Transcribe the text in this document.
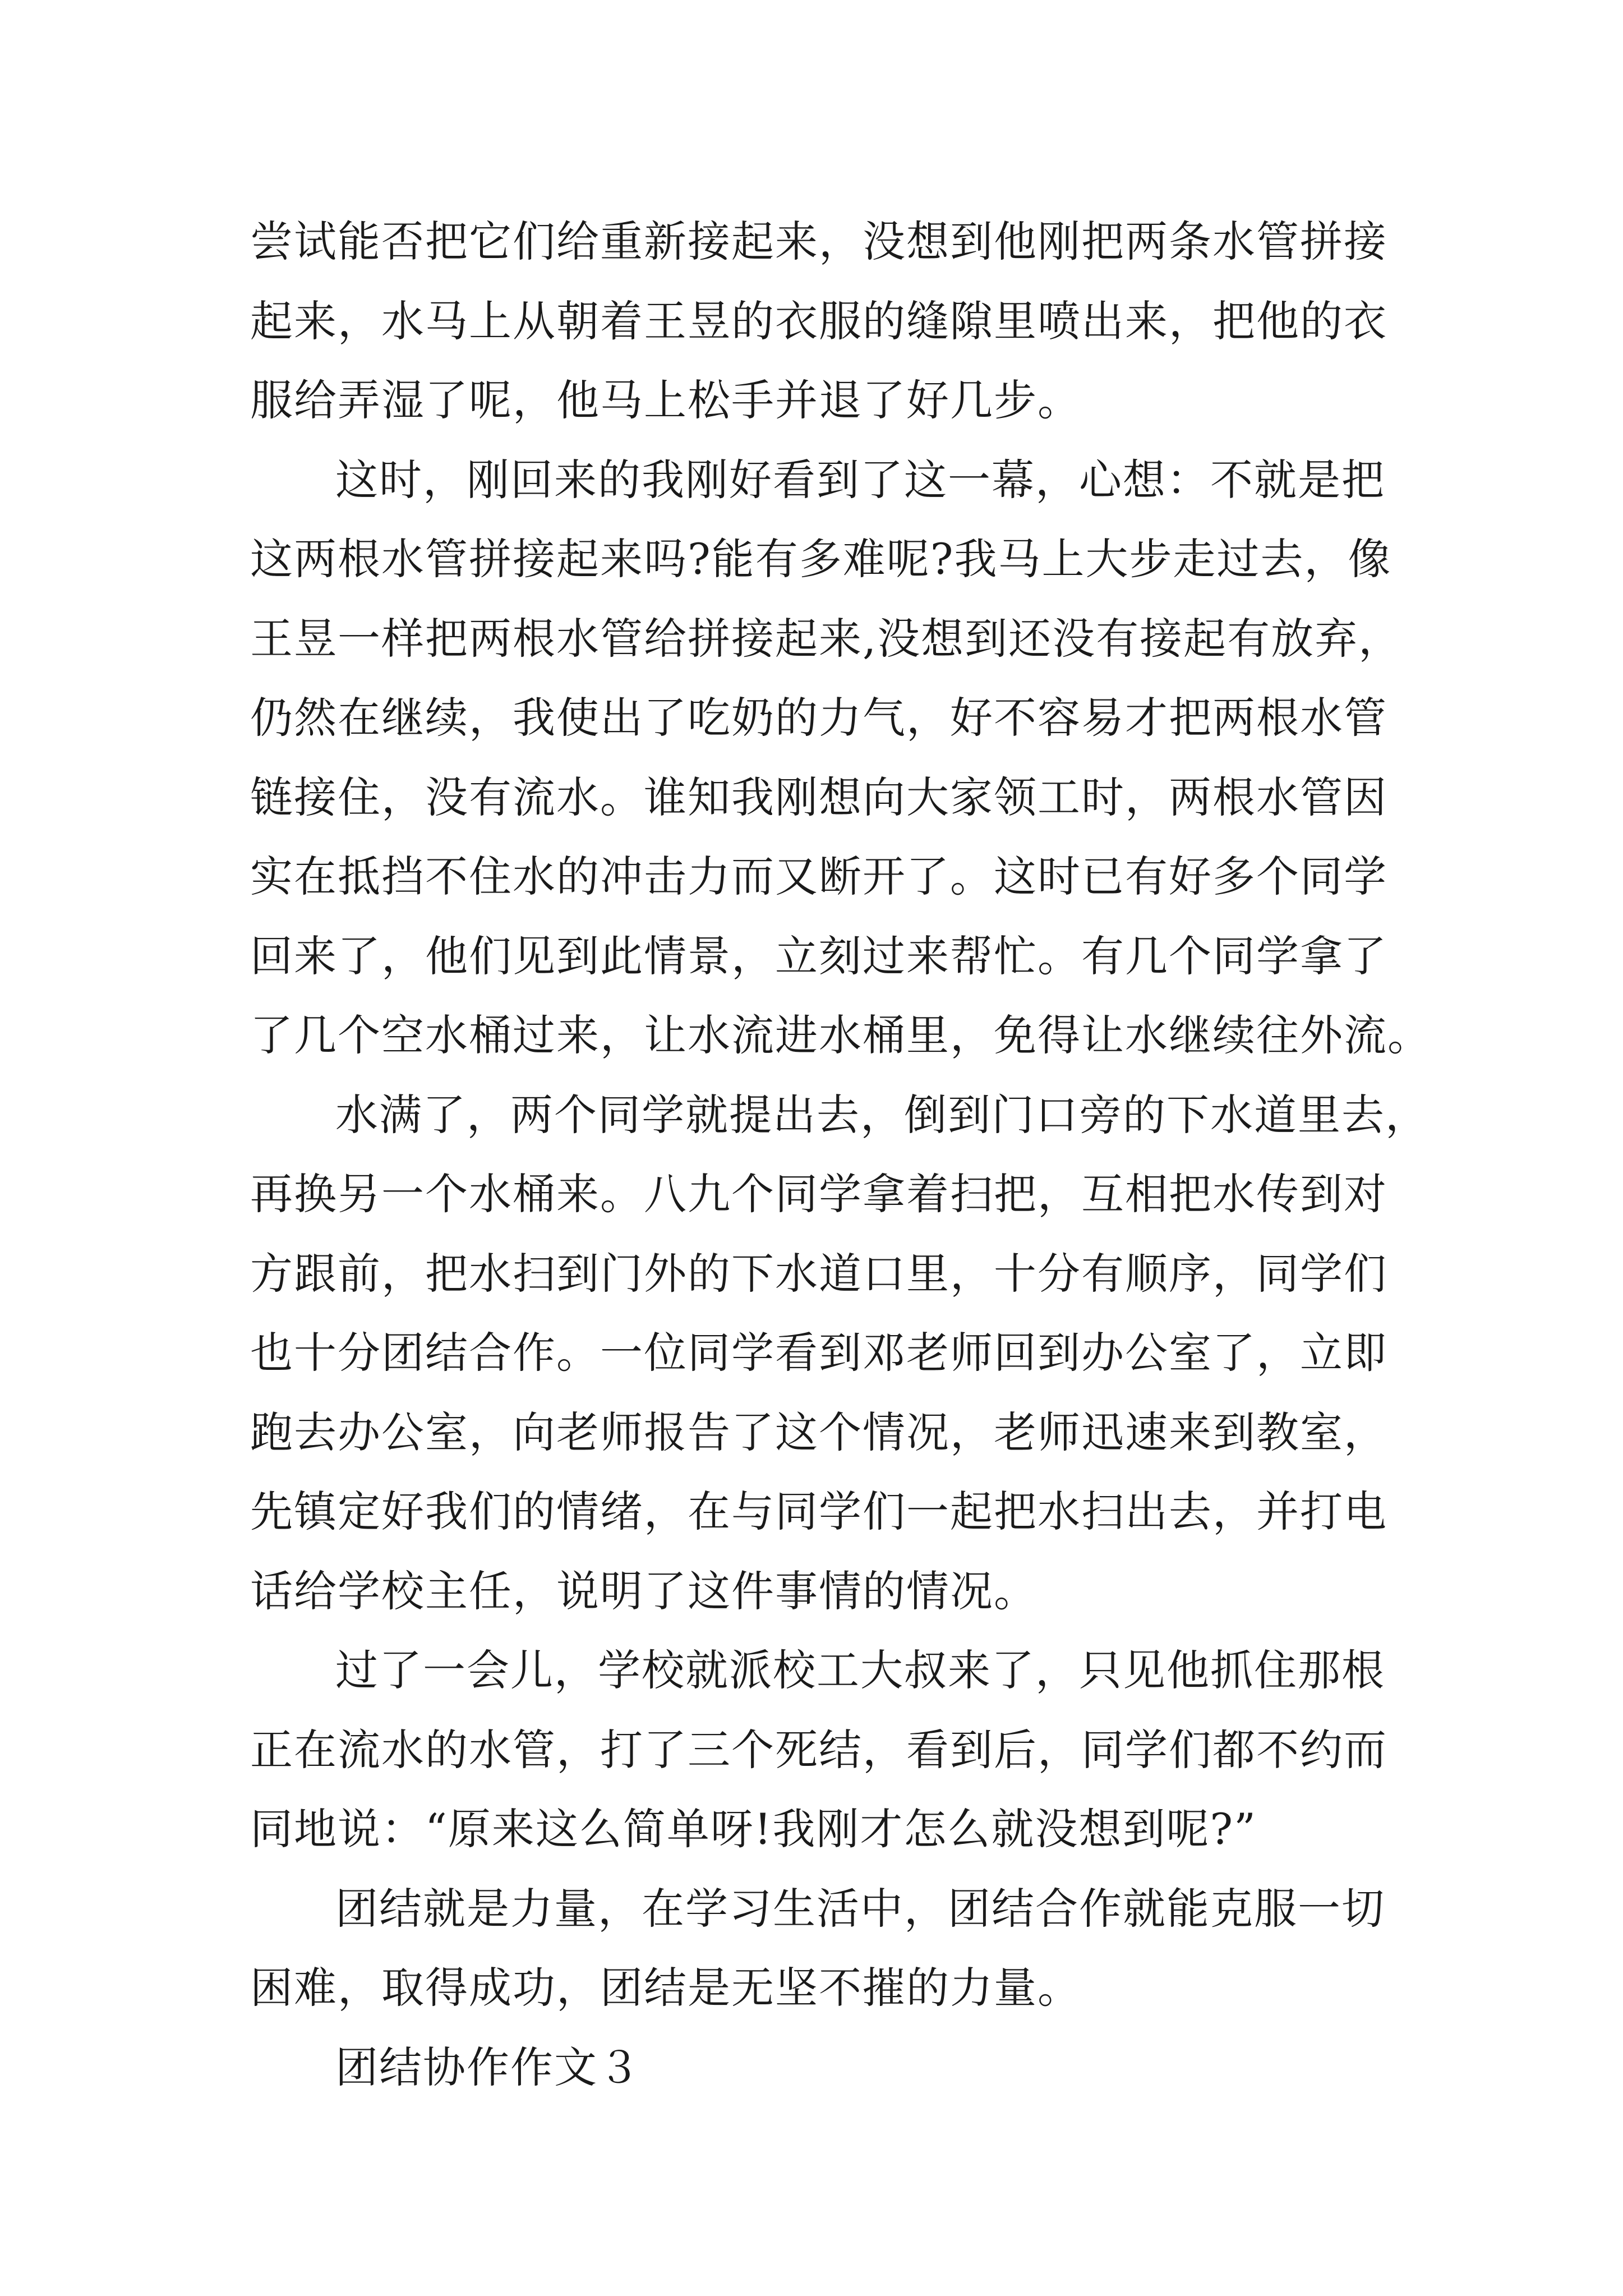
尝试能否把它们给重新接起来，没想到他刚把两条水管拼接
起来，水马上从朝着王昱的衣服的缝隙里喷出来，把他的衣
服给弄湿了呢，他马上松手并退了好几步。
这时，刚回来的我刚好看到了这一幕，心想：不就是把
这两根水管拼接起来吗?能有多难呢?我马上大步走过去，像
王昱一样把两根水管给拼接起来,没想到还没有接起有放弃，
仍然在继续，我使出了吃奶的力气，好不容易才把两根水管
链接住，没有流水。谁知我刚想向大家领工时，两根水管因
实在抵挡不住水的冲击力而又断开了。这时已有好多个同学
回来了，他们见到此情景，立刻过来帮忙。有几个同学拿了
了几个空水桶过来，让水流进水桶里，免得让水继续往外流。
水满了，两个同学就提出去，倒到门口旁的下水道里去，
再换另一个水桶来。八九个同学拿着扫把，互相把水传到对
方跟前，把水扫到门外的下水道口里，十分有顺序，同学们
也十分团结合作。一位同学看到邓老师回到办公室了，立即
跑去办公室，向老师报告了这个情况，老师迅速来到教室，
先镇定好我们的情绪，在与同学们一起把水扫出去，并打电
话给学校主任，说明了这件事情的情况。
过了一会儿，学校就派校工大叔来了，只见他抓住那根
正在流水的水管，打了三个死结，看到后，同学们都不约而
同地说：“原来这么简单呀!我刚才怎么就没想到呢?”
团结就是力量，在学习生活中，团结合作就能克服一切
困难，取得成功，团结是无坚不摧的力量。
团结协作作文３
